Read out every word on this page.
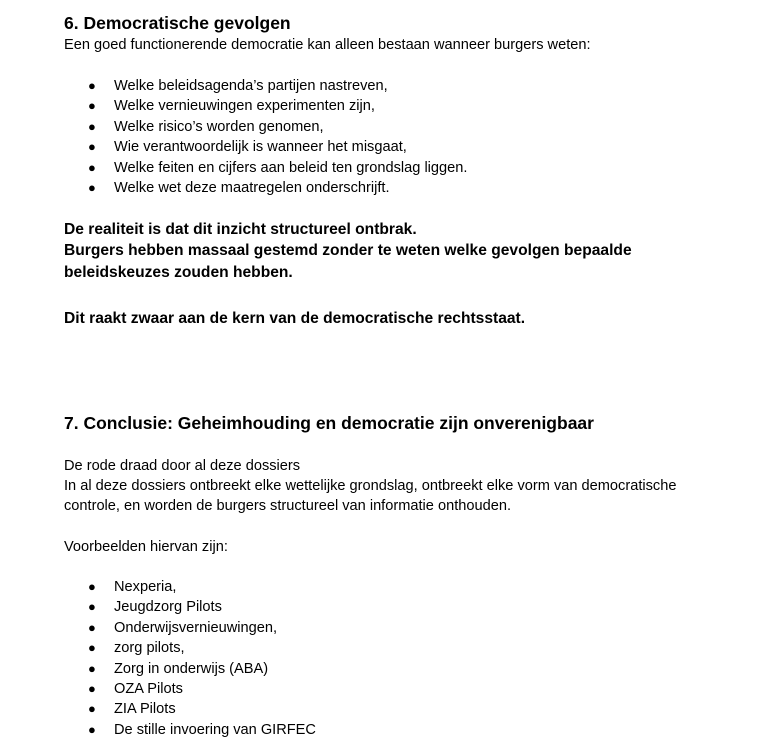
6. Democratische gevolgen

Een goed functionerende democratie kan alleen bestaan wanneer burgers weten:

● Welke beleidsagenda’s partijen nastreven,
● Welke vernieuwingen experimenten zijn,
● Welke risico’s worden genomen,
● Wie verantwoordelijk is wanneer het misgaat,
● Welke feiten en cijfers aan beleid ten grondslag liggen.
● Welke wet deze maatregelen onderschrijft.

De realiteit is dat dit inzicht structureel ontbrak.

Burgers hebben massaal gestemd zonder te weten welke gevolgen bepaalde beleidskeuzes zouden hebben.

Dit raakt zwaar aan de kern van de democratische rechtsstaat.

7. Conclusie: Geheimhouding en democratie zijn onverenigbaar

De rode draad door al deze dossiers

In al deze dossiers ontbreekt elke wettelijke grondslag, ontbreekt elke vorm van democratische controle, en worden de burgers structureel van informatie onthouden.

Voorbeelden hiervan zijn:

● Nexperia,
● Jeugdzorg Pilots
● Onderwijsvernieuwingen,
● zorg pilots,
● Zorg in onderwijs (ABA)
● OZA Pilots
● ZIA Pilots
● De stille invoering van GIRFEC
